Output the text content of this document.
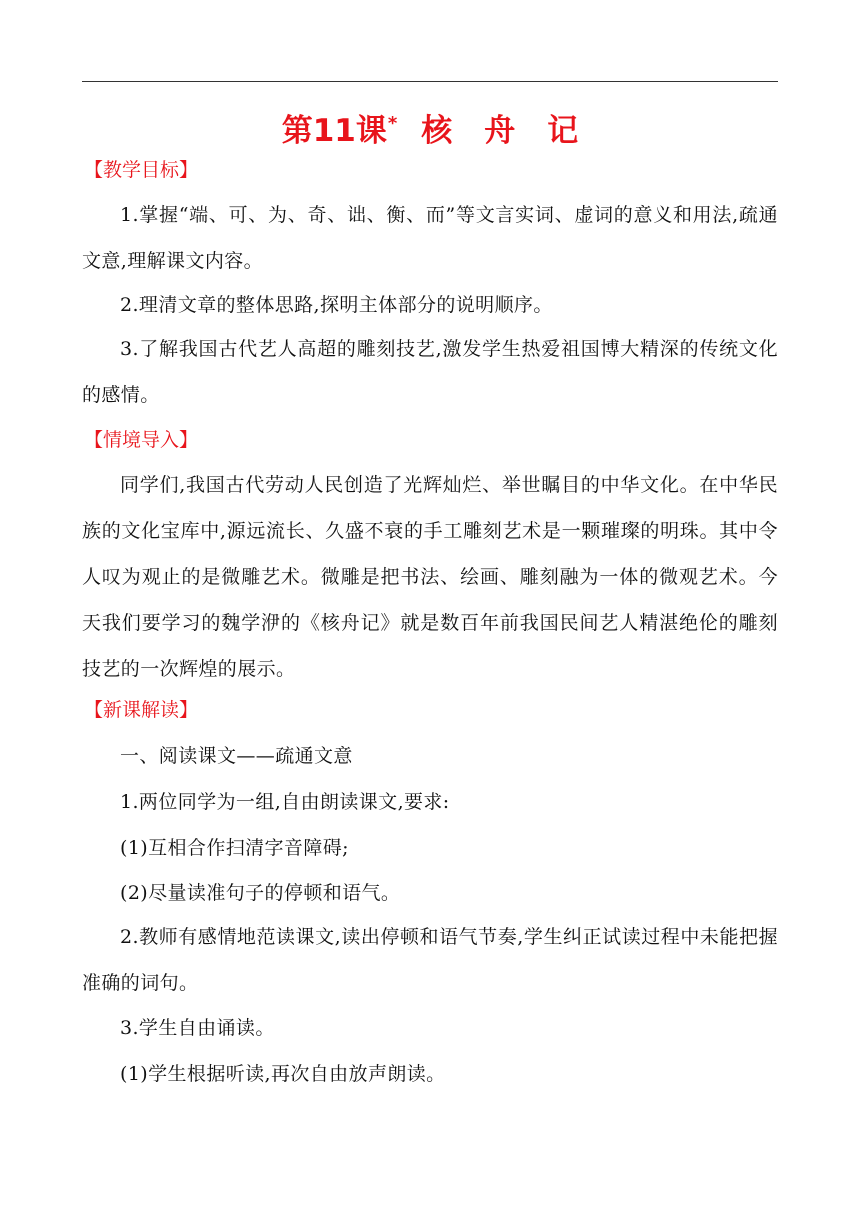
第11课* 核 舟 记
【教学目标】
1.掌握“端、可、为、奇、诎、衡、而”等文言实词、虚词的意义和用法,疏通文意,理解课文内容。
2.理清文章的整体思路,探明主体部分的说明顺序。
3.了解我国古代艺人高超的雕刻技艺,激发学生热爱祖国博大精深的传统文化的感情。
【情境导入】
同学们,我国古代劳动人民创造了光辉灿烂、举世瞩目的中华文化。在中华民族的文化宝库中,源远流长、久盛不衰的手工雕刻艺术是一颗璀璨的明珠。其中令人叹为观止的是微雕艺术。微雕是把书法、绘画、雕刻融为一体的微观艺术。今天我们要学习的魏学洢的《核舟记》就是数百年前我国民间艺人精湛绝伦的雕刻技艺的一次辉煌的展示。
【新课解读】
一、阅读课文——疏通文意
1.两位同学为一组,自由朗读课文,要求:
(1)互相合作扫清字音障碍;
(2)尽量读准句子的停顿和语气。
2.教师有感情地范读课文,读出停顿和语气节奏,学生纠正试读过程中未能把握准确的词句。
3.学生自由诵读。
(1)学生根据听读,再次自由放声朗读。
